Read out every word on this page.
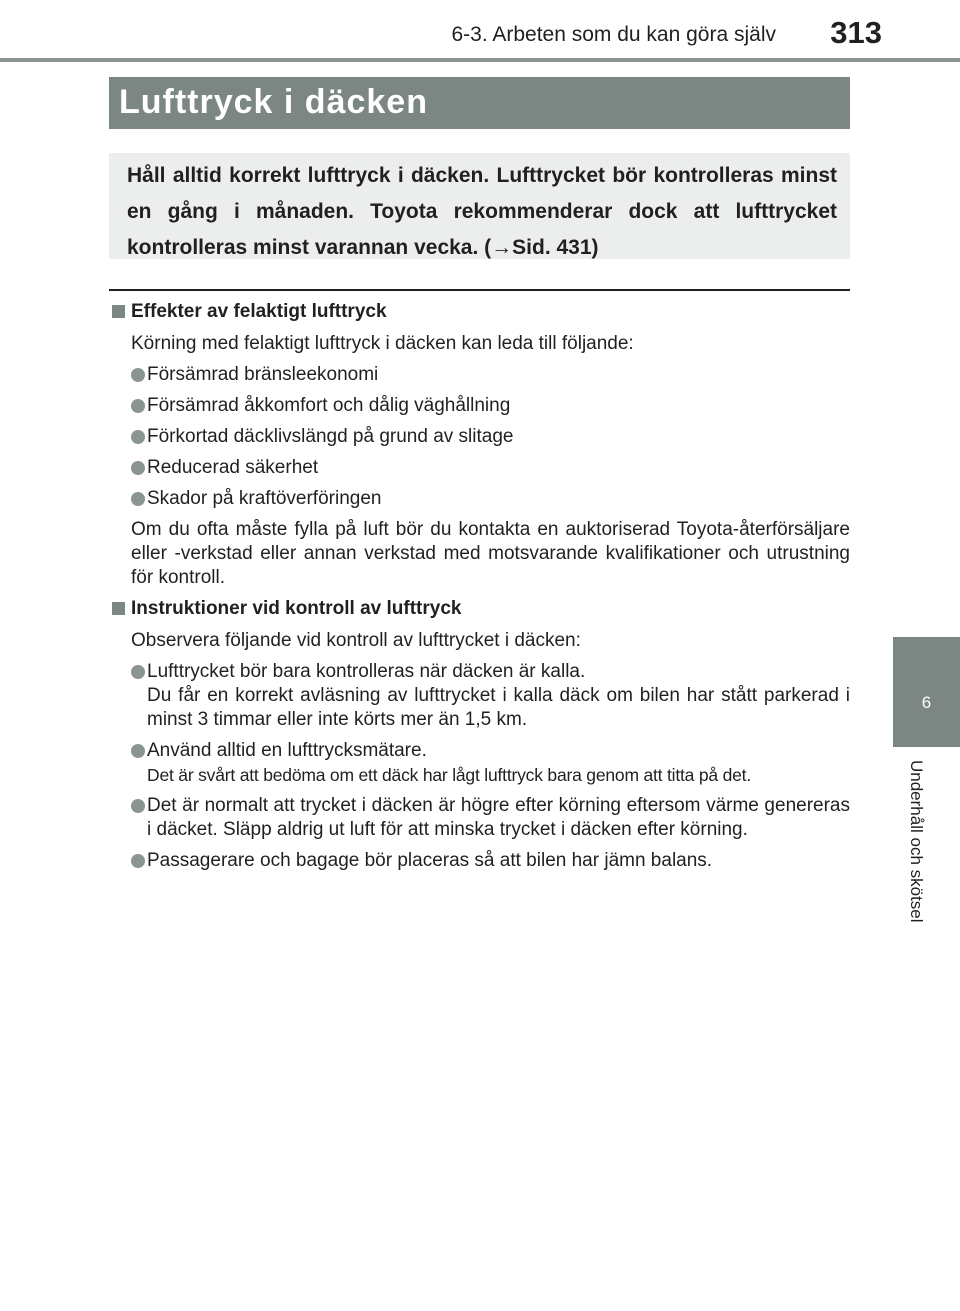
6-3. Arbeten som du kan göra själv 313
6
Underhåll och skötsel
Lufttryck i däcken
Håll alltid korrekt lufttryck i däcken. Lufttrycket bör kontrolleras minst en gång i månaden. Toyota rekommenderar dock att lufttrycket kontrolleras minst varannan vecka. (→Sid. 431)
Effekter av felaktigt lufttryck
Körning med felaktigt lufttryck i däcken kan leda till följande:
Försämrad bränsleekonomi
Försämrad åkkomfort och dålig väghållning
Förkortad däcklivslängd på grund av slitage
Reducerad säkerhet
Skador på kraftöverföringen
Om du ofta måste fylla på luft bör du kontakta en auktoriserad Toyota-återförsäljare eller -verkstad eller annan verkstad med motsvarande kvalifikationer och utrustning för kontroll.
Instruktioner vid kontroll av lufttryck
Observera följande vid kontroll av lufttrycket i däcken:
Lufttrycket bör bara kontrolleras när däcken är kalla.
Du får en korrekt avläsning av lufttrycket i kalla däck om bilen har stått parkerad i minst 3 timmar eller inte körts mer än 1,5 km.
Använd alltid en lufttrycksmätare.
Det är svårt att bedöma om ett däck har lågt lufttryck bara genom att titta på det.
Det är normalt att trycket i däcken är högre efter körning eftersom värme genereras i däcket. Släpp aldrig ut luft för att minska trycket i däcken efter körning.
Passagerare och bagage bör placeras så att bilen har jämn balans.
